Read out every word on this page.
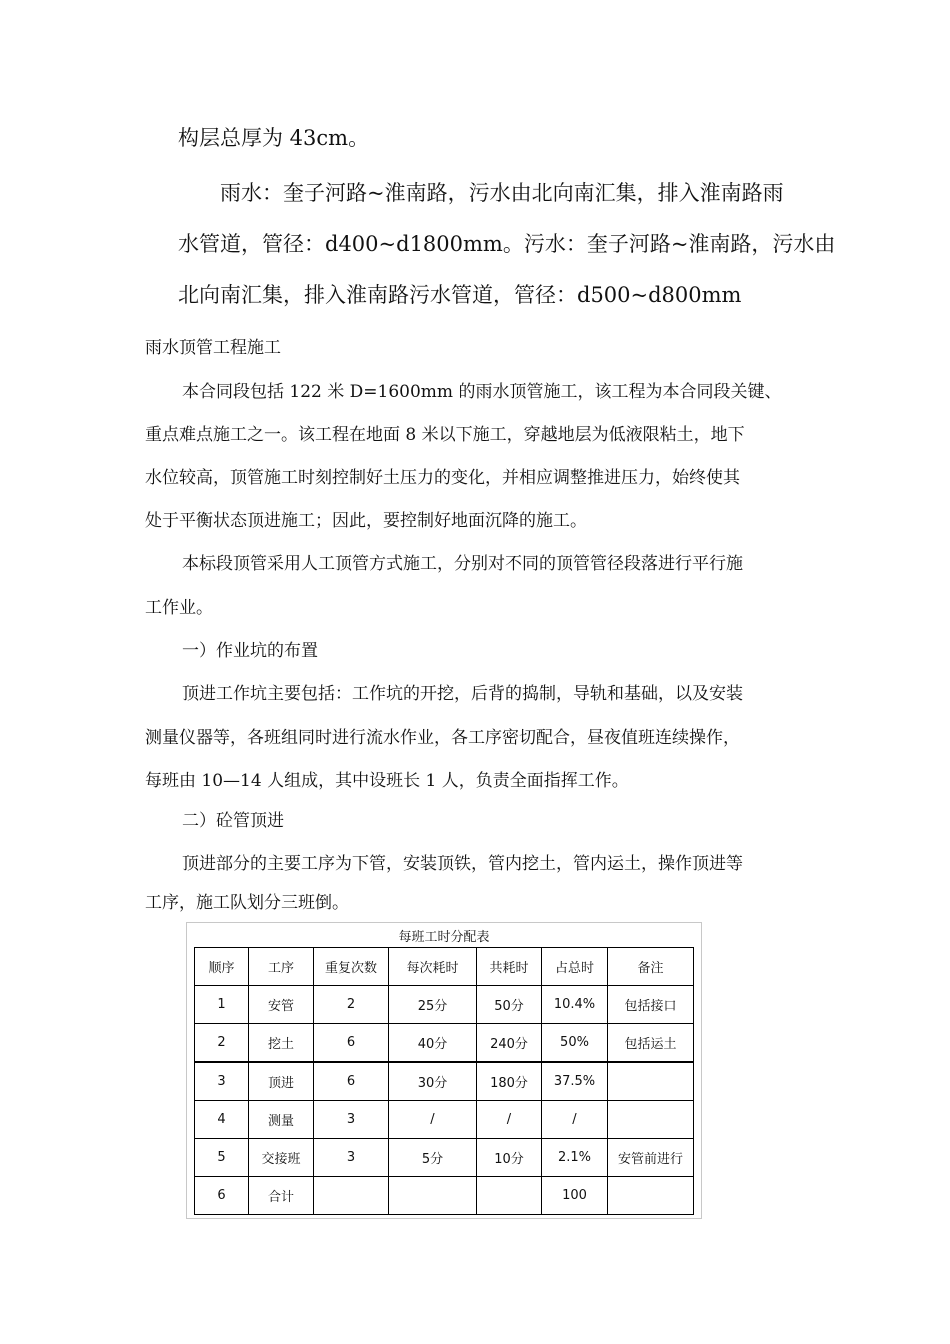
构层总厚为 43cm。

雨水：奎子河路~淮南路，污水由北向南汇集，排入淮南路雨

水管道，管径：d400~d1800mm。污水：奎子河路~淮南路，污水由

北向南汇集，排入淮南路污水管道，管径：d500~d800mm

雨水顶管工程施工

本合同段包括 122 米 D=1600mm 的雨水顶管施工，该工程为本合同段关键、

重点难点施工之一。该工程在地面 8 米以下施工，穿越地层为低液限粘土，地下

水位较高，顶管施工时刻控制好土压力的变化，并相应调整推进压力，始终使其

处于平衡状态顶进施工；因此，要控制好地面沉降的施工。

本标段顶管采用人工顶管方式施工，分别对不同的顶管管径段落进行平行施

工作业。

一）作业坑的布置

顶进工作坑主要包括：工作坑的开挖，后背的捣制，导轨和基础，以及安装

测量仪器等，各班组同时进行流水作业，各工序密切配合，昼夜值班连续操作，

每班由 10—14 人组成，其中设班长 1 人，负责全面指挥工作。

二）砼管顶进

顶进部分的主要工序为下管，安装顶铁，管内挖土，管内运土，操作顶进等

工序，施工队划分三班倒。

每班工时分配表
顺序	工序	重复次数	每次耗时	共耗时	占总时	备注
1	安管	2	25分	50分	10.4%	包括接口
2	挖土	6	40分	240分	50%	包括运土
3	顶进	6	30分	180分	37.5%	
4	测量	3	/	/	/	
5	交接班	3	5分	10分	2.1%	安管前进行
6	合计				100	
